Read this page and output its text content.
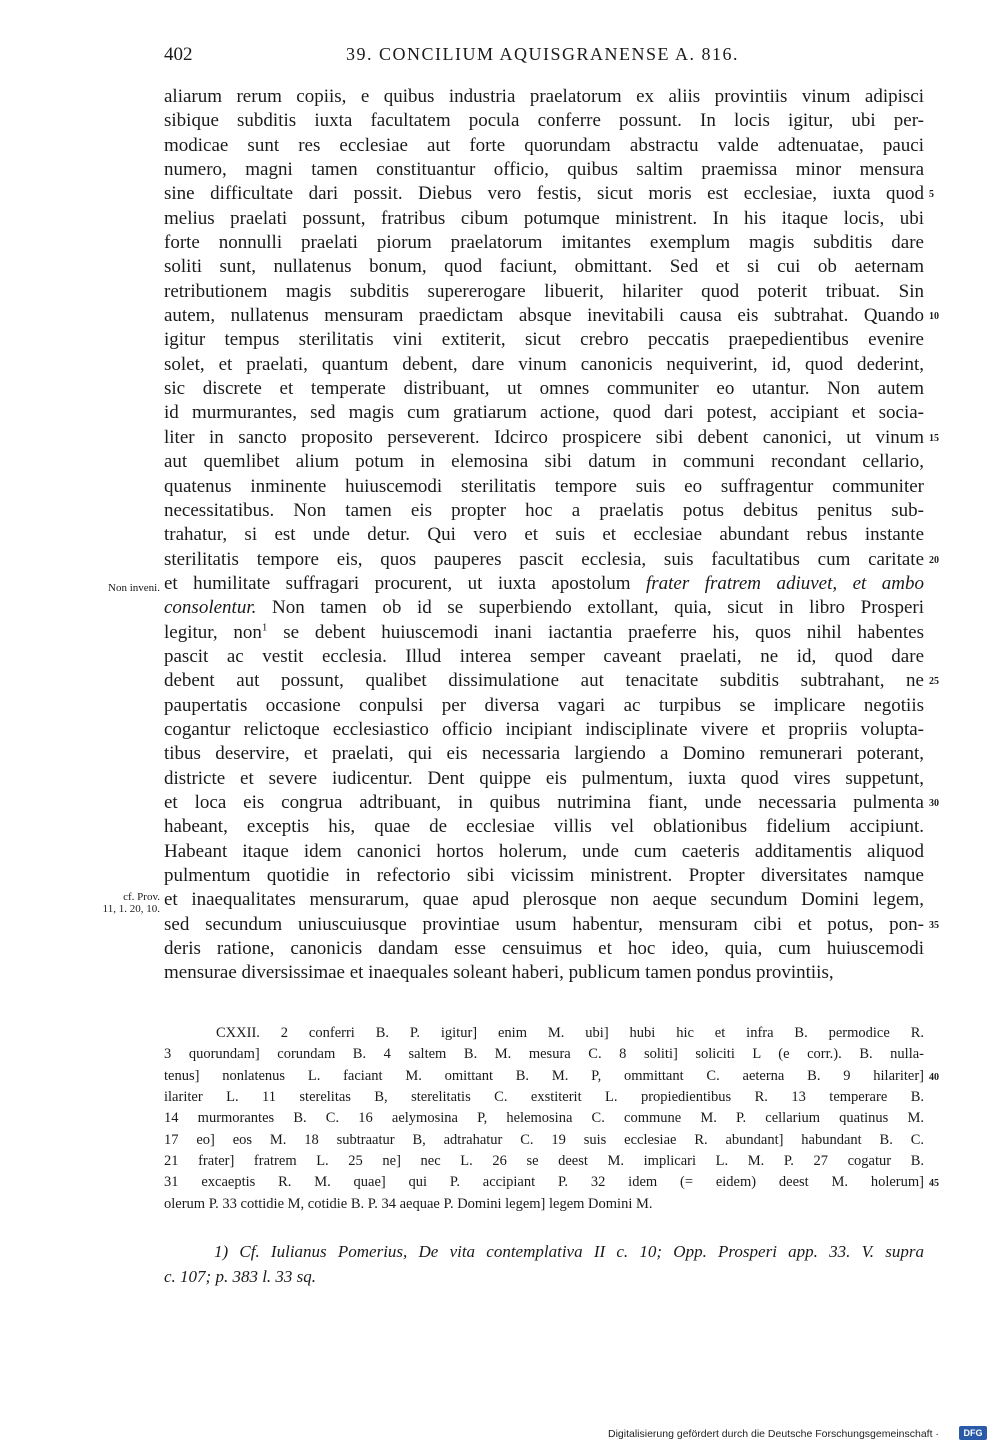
402	39. CONCILIUM AQUISGRANENSE A. 816.
aliarum rerum copiis, e quibus industria praelatorum ex aliis provintiis vinum adipisci
sibique subditis iuxta facultatem pocula conferre possunt. In locis igitur, ubi per-
modicae sunt res ecclesiae aut forte quorundam abstractu valde adtenuatae, pauci
numero, magni tamen constituantur officio, quibus saltim praemissa minor mensura
sine difficultate dari possit. Diebus vero festis, sicut moris est ecclesiae, iuxta quod
melius praelati possunt, fratribus cibum potumque ministrent. In his itaque locis, ubi
forte nonnulli praelati piorum praelatorum imitantes exemplum magis subditis dare
soliti sunt, nullatenus bonum, quod faciunt, obmittant. Sed et si cui ob aeternam
retributionem magis subditis supererogare libuerit, hilariter quod poterit tribuat. Sin
autem, nullatenus mensuram praedictam absque inevitabili causa eis subtrahat. Quando
igitur tempus sterilitatis vini extiterit, sicut crebro peccatis praepedientibus evenire
solet, et praelati, quantum debent, dare vinum canonicis nequiverint, id, quod dederint,
sic discrete et temperate distribuant, ut omnes communiter eo utantur. Non autem
id murmurantes, sed magis cum gratiarum actione, quod dari potest, accipiant et socia-
liter in sancto proposito perseverent. Idcirco prospicere sibi debent canonici, ut vinum
aut quemlibet alium potum in elemosina sibi datum in communi recondant cellario,
quatenus inminente huiuscemodi sterilitatis tempore suis eo suffragentur communiter
necessitatibus. Non tamen eis propter hoc a praelatis potus debitus penitus sub-
trahatur, si est unde detur. Qui vero et suis et ecclesiae abundant rebus instante
sterilitatis tempore eis, quos pauperes pascit ecclesia, suis facultatibus cum caritate
et humilitate suffragari procurent, ut iuxta apostolum frater fratrem adiuvet, et ambo
consolentur. Non tamen ob id se superbiendo extollant, quia, sicut in libro Prosperi
legitur, non$^1$ se debent huiuscemodi inani iactantia praeferre his, quos nihil habentes
pascit ac vestit ecclesia. Illud interea semper caveant praelati, ne id, quod dare
debent aut possunt, qualibet dissimulatione aut tenacitate subditis subtrahant, ne
paupertatis occasione conpulsi per diversa vagari ac turpibus se implicare negotiis
cogantur relictoque ecclesiastico officio incipiant indisciplinate vivere et propriis volupta-
tibus deservire, et praelati, qui eis necessaria largiendo a Domino remunerari poterant,
districte et severe iudicentur. Dent quippe eis pulmentum, iuxta quod vires suppetunt,
et loca eis congrua adtribuant, in quibus nutrimina fiant, unde necessaria pulmenta
habeant, exceptis his, quae de ecclesiae villis vel oblationibus fidelium accipiunt.
Habeant itaque idem canonici hortos holerum, unde cum caeteris additamentis aliquod
pulmentum quotidie in refectorio sibi vicissim ministrent. Propter diversitates namque
et inaequalitates mensurarum, quae apud plerosque non aeque secundum Domini legem,
sed secundum uniuscuiusque provintiae usum habentur, mensuram cibi et potus, pon-
deris ratione, canonicis dandam esse censuimus et hoc ideo, quia, cum huiuscemodi
mensurae diversissimae et inaequales soleant haberi, publicum tamen pondus provintiis,
5
10
15
20
25
30
35
Non inveni.
cf. Prov.
11, 1. 20, 10.
CXXII. 2 conferri B. P. igitur] enim M. ubi] hubi hic et infra B. permodice R.
3 quorundam] corundam B. 4 saltem B. M. mesura C. 8 soliti] soliciti L (e corr.). B. nulla-
tenus] nonlatenus L. faciant M. omittant B. M. P, ommittant C. aeterna B. 9 hilariter]
ilariter L. 11 sterelitas B, sterelitatis C. exstiterit L. propiedientibus R. 13 temperare B.
14 murmorantes B. C. 16 aelymosina P, helemosina C. commune M. P. cellarium quatinus M.
17 eo] eos M. 18 subtraatur B, adtrahatur C. 19 suis ecclesiae R. abundant] habundant B. C.
21 frater] fratrem L. 25 ne] nec L. 26 se deest M. implicari L. M. P. 27 cogatur B.
31 excaeptis R. M. quae] qui P. accipiant P. 32 idem (= eidem) deest M. holerum]
olerum P. 33 cottidie M, cotidie B. P. 34 aequae P. Domini legem] legem Domini M.
40
45
1) Cf. Iulianus Pomerius, De vita contemplativa II c. 10; Opp. Prosperi app. 33. V. supra
c. 107; p. 383 l. 33 sq.
Digitalisierung gefördert durch die Deutsche Forschungsgemeinschaft ·	DFG
